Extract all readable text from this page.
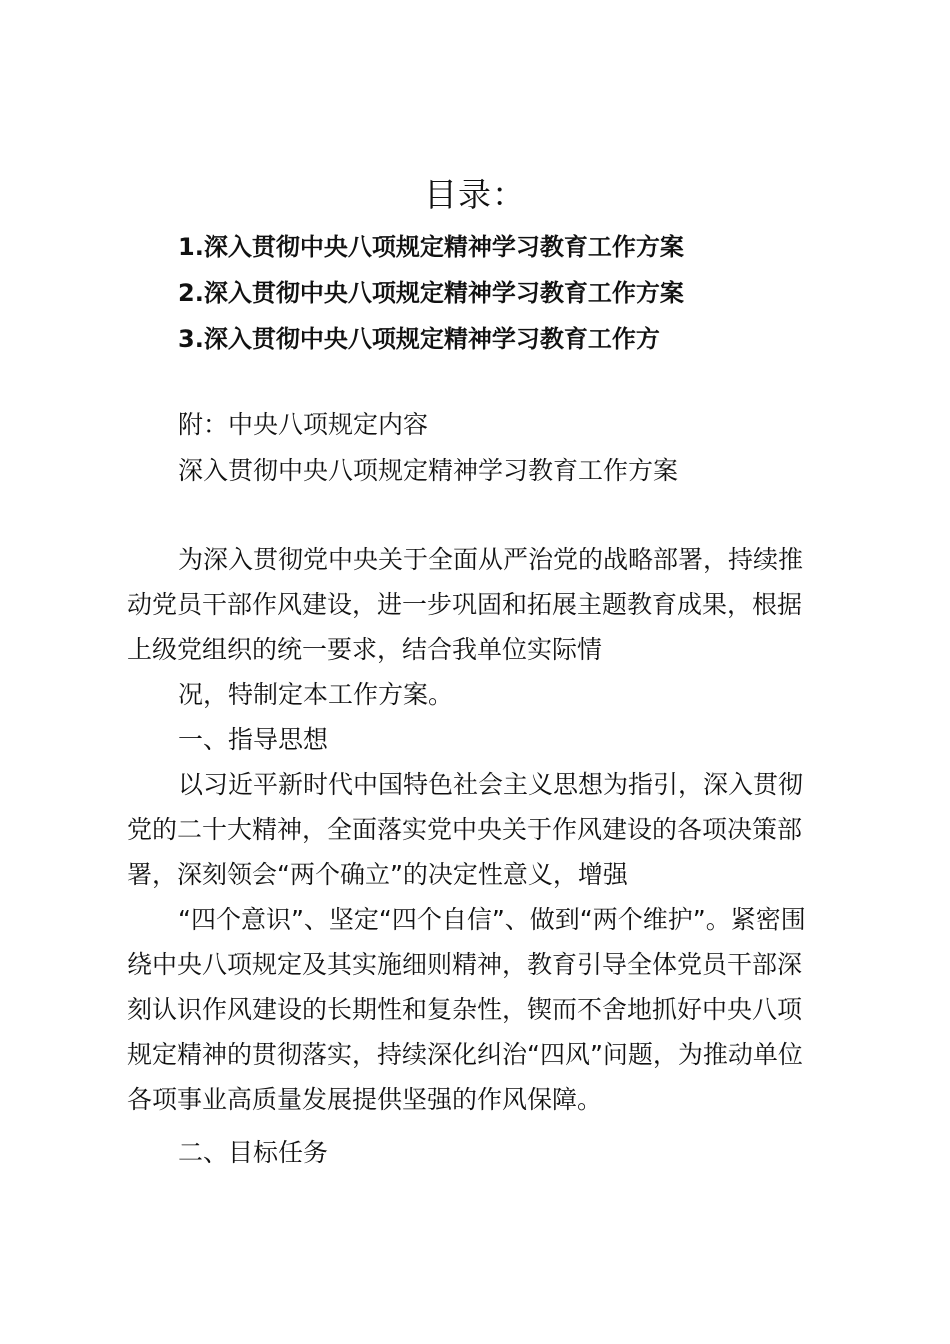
目录：
1.深入贯彻中央八项规定精神学习教育工作方案
2.深入贯彻中央八项规定精神学习教育工作方案
3.深入贯彻中央八项规定精神学习教育工作方
附：中央八项规定内容
深入贯彻中央八项规定精神学习教育工作方案
为深入贯彻党中央关于全面从严治党的战略部署，持续推
动党员干部作风建设，进一步巩固和拓展主题教育成果，根据
上级党组织的统一要求，结合我单位实际情
况，特制定本工作方案。
一、指导思想
以习近平新时代中国特色社会主义思想为指引，深入贯彻
党的二十大精神，全面落实党中央关于作风建设的各项决策部
署，深刻领会“两个确立”的决定性意义，增强
“四个意识”、坚定“四个自信”、做到“两个维护”。紧密围
绕中央八项规定及其实施细则精神，教育引导全体党员干部深
刻认识作风建设的长期性和复杂性，锲而不舍地抓好中央八项
规定精神的贯彻落实，持续深化纠治“四风”问题，为推动单位
各项事业高质量发展提供坚强的作风保障。
二、目标任务
